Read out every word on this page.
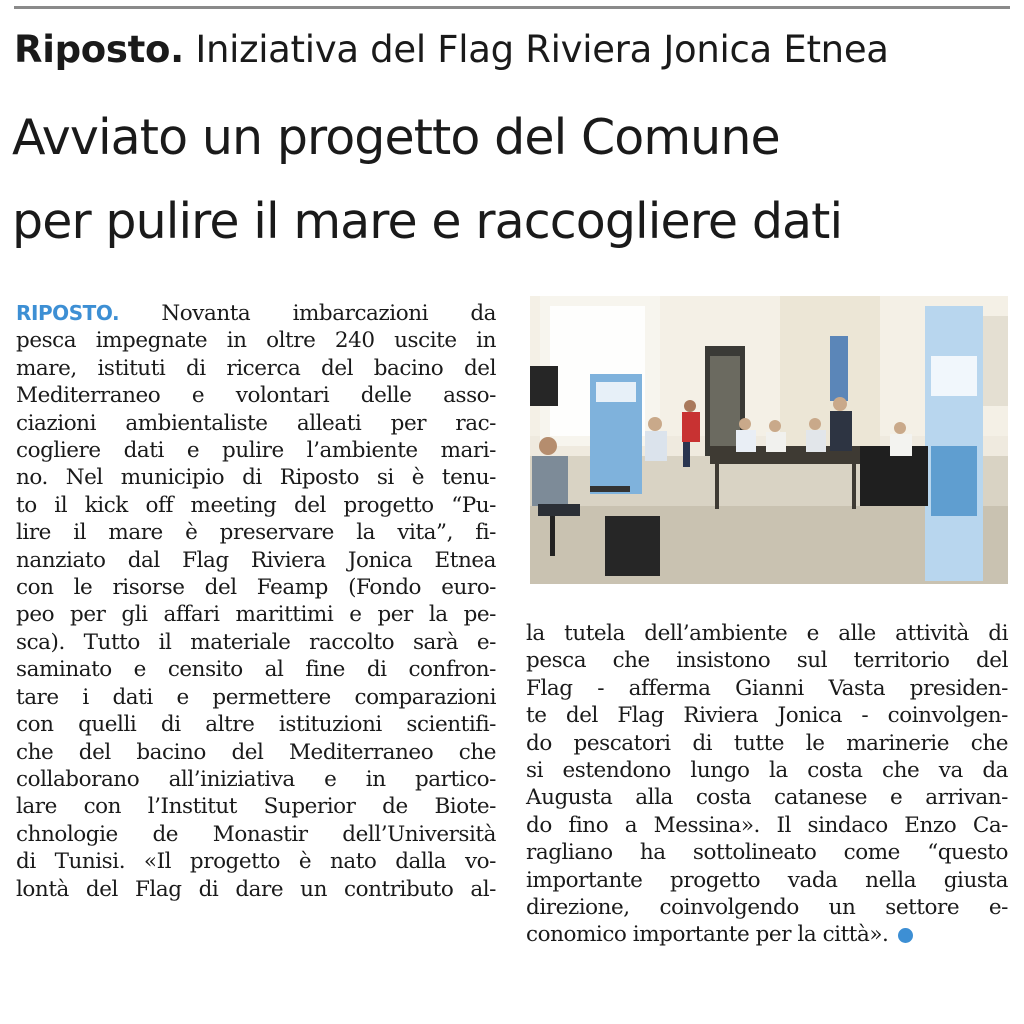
Riposto. Iniziativa del Flag Riviera Jonica Etnea
Avviato un progetto del Comune
per pulire il mare e raccogliere dati
RIPOSTO. Novanta imbarcazioni da
pesca impegnate in oltre 240 uscite in
mare, istituti di ricerca del bacino del
Mediterraneo e volontari delle asso-
ciazioni ambientaliste alleati per rac-
cogliere dati e pulire l’ambiente mari-
no. Nel municipio di Riposto si è tenu-
to il kick off meeting del progetto “Pu-
lire il mare è preservare la vita”, fi-
nanziato dal Flag Riviera Jonica Etnea
con le risorse del Feamp (Fondo euro-
peo per gli affari marittimi e per la pe-
sca). Tutto il materiale raccolto sarà e-
saminato e censito al fine di confron-
tare i dati e permettere comparazioni
con quelli di altre istituzioni scientifi-
che del bacino del Mediterraneo che
collaborano all’iniziativa e in partico-
lare con l’Institut Superior de Biote-
chnologie de Monastir dell’Università
di Tunisi. «Il progetto è nato dalla vo-
lontà del Flag di dare un contributo al-
la tutela dell’ambiente e alle attività di
pesca che insistono sul territorio del
Flag - afferma Gianni Vasta presiden-
te del Flag Riviera Jonica - coinvolgen-
do pescatori di tutte le marinerie che
si estendono lungo la costa che va da
Augusta alla costa catanese e arrivan-
do fino a Messina». Il sindaco Enzo Ca-
ragliano ha sottolineato come “questo
importante progetto vada nella giusta
direzione, coinvolgendo un settore e-
conomico importante per la città».
